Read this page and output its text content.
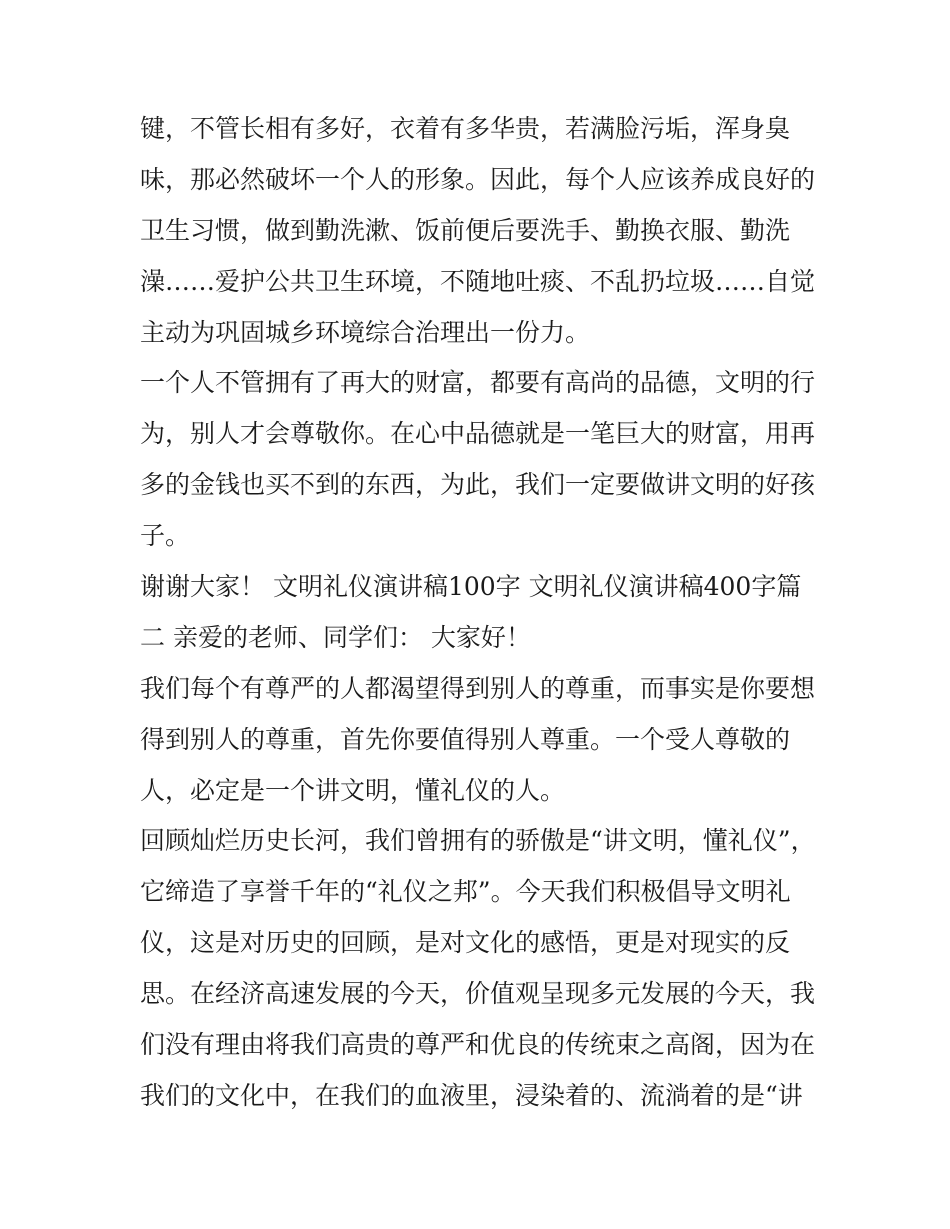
键，不管长相有多好，衣着有多华贵，若满脸污垢，浑身臭
味，那必然破坏一个人的形象。因此，每个人应该养成良好的
卫生习惯，做到勤洗漱、饭前便后要洗手、勤换衣服、勤洗
澡……爱护公共卫生环境，不随地吐痰、不乱扔垃圾……自觉
主动为巩固城乡环境综合治理出一份力。
一个人不管拥有了再大的财富，都要有高尚的品德，文明的行
为，别人才会尊敬你。在心中品德就是一笔巨大的财富，用再
多的金钱也买不到的东西，为此，我们一定要做讲文明的好孩
子。
谢谢大家！ 文明礼仪演讲稿100字 文明礼仪演讲稿400字篇
二 亲爱的老师、同学们： 大家好！
我们每个有尊严的人都渴望得到别人的尊重，而事实是你要想
得到别人的尊重，首先你要值得别人尊重。一个受人尊敬的
人，必定是一个讲文明，懂礼仪的人。
回顾灿烂历史长河，我们曾拥有的骄傲是“讲文明，懂礼仪”，
它缔造了享誉千年的“礼仪之邦”。今天我们积极倡导文明礼
仪，这是对历史的回顾，是对文化的感悟，更是对现实的反
思。在经济高速发展的今天，价值观呈现多元发展的今天，我
们没有理由将我们高贵的尊严和优良的传统束之高阁，因为在
我们的文化中，在我们的血液里，浸染着的、流淌着的是“讲
